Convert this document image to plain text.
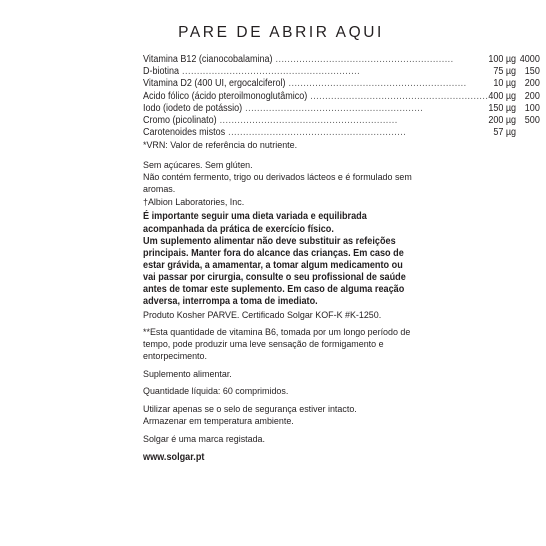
PARE DE ABRIR AQUI
Vitamina B12 (cianocobalamina) ............................................................	100 µg	4000
D-biotina ............................................................	75 µg	150
Vitamina D2 (400 UI, ergocalciferol) ............................................................	10 µg	200
Ácido fólico (ácido pteroilmonoglutâmico) ............................................................	400 µg	200
Iodo (iodeto de potássio) ............................................................	150 µg	100
Cromo (picolinato) ............................................................	200 µg	500
Carotenoides mistos ............................................................	57 µg	

*VRN: Valor de referência do nutriente.

Sem açúcares. Sem glúten.
Não contém fermento, trigo ou derivados lácteos e é formulado sem aromas.

†Albion Laboratories, Inc.

É importante seguir uma dieta variada e equilibrada acompanhada da prática de exercício físico.
Um suplemento alimentar não deve substituir as refeições principais. Manter fora do alcance das crianças. Em caso de estar grávida, a amamentar, a tomar algum medicamento ou vai passar por cirurgia, consulte o seu profissional de saúde antes de tomar este suplemento. Em caso de alguma reação adversa, interrompa a toma de imediato.

Produto Kosher PARVE. Certificado Solgar KOF-K #K-1250.

**Esta quantidade de vitamina B6, tomada por um longo período de tempo, pode produzir uma leve sensação de formigamento e entorpecimento.

Suplemento alimentar.

Quantidade líquida: 60 comprimidos.

Utilizar apenas se o selo de segurança estiver intacto.
Armazenar em temperatura ambiente.

Solgar é uma marca registada.

www.solgar.pt
